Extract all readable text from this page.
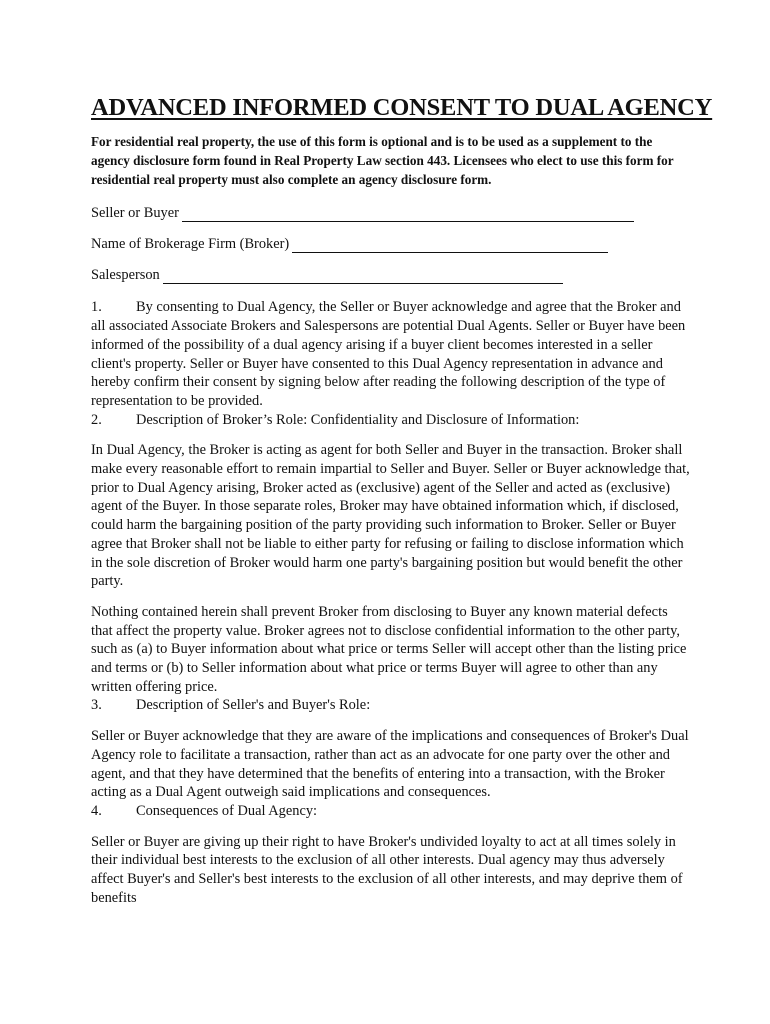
ADVANCED INFORMED CONSENT TO DUAL AGENCY

For residential real property, the use of this form is optional and is to be used as a supplement to the agency disclosure form found in Real Property Law section 443. Licensees who elect to use this form for residential real property must also complete an agency disclosure form.

Seller or Buyer
Name of Brokerage Firm (Broker)
Salesperson

1. By consenting to Dual Agency, the Seller or Buyer acknowledge and agree that the Broker and all associated Associate Brokers and Salespersons are potential Dual Agents. Seller or Buyer have been informed of the possibility of a dual agency arising if a buyer client becomes interested in a seller client's property. Seller or Buyer have consented to this Dual Agency representation in advance and hereby confirm their consent by signing below after reading the following description of the type of representation to be provided.

2.	Description of Broker’s Role: Confidentiality and Disclosure of Information:

In Dual Agency, the Broker is acting as agent for both Seller and Buyer in the transaction. Broker shall make every reasonable effort to remain impartial to Seller and Buyer. Seller or Buyer acknowledge that, prior to Dual Agency arising, Broker acted as (exclusive) agent of the Seller and acted as (exclusive) agent of the Buyer. In those separate roles, Broker may have obtained information which, if disclosed, could harm the bargaining position of the party providing such information to Broker. Seller or Buyer agree that Broker shall not be liable to either party for refusing or failing to disclose information which in the sole discretion of Broker would harm one party's bargaining position but would benefit the other party.

Nothing contained herein shall prevent Broker from disclosing to Buyer any known material defects that affect the property value. Broker agrees not to disclose confidential information to the other party, such as (a) to Buyer information about what price or terms Seller will accept other than the listing price and terms or (b) to Seller information about what price or terms Buyer will agree to other than any written offering price.

3.	Description of Seller's and Buyer's Role:

Seller or Buyer acknowledge that they are aware of the implications and consequences of Broker's Dual Agency role to facilitate a transaction, rather than act as an advocate for one party over the other and agent, and that they have determined that the benefits of entering into a transaction, with the Broker acting as a Dual Agent outweigh said implications and consequences.

4.	Consequences of Dual Agency:

Seller or Buyer are giving up their right to have Broker's undivided loyalty to act at all times solely in their individual best interests to the exclusion of all other interests. Dual agency may thus adversely affect Buyer's and Seller's best interests to the exclusion of all other interests, and may deprive them of benefits
